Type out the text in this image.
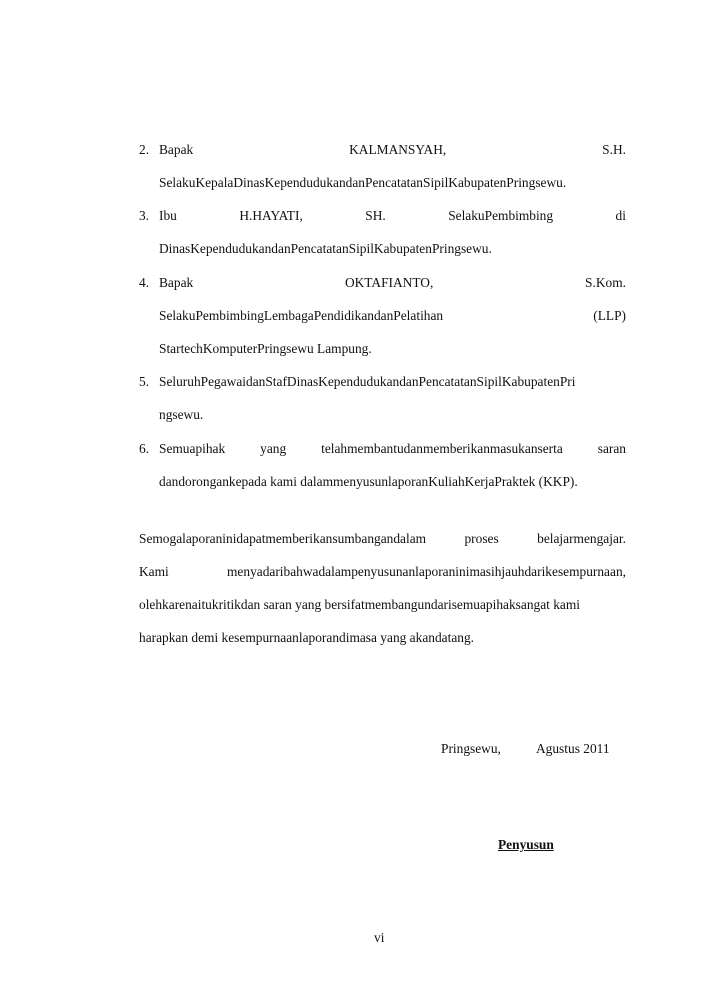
2. Bapak	KALMANSYAH,	S.H.
SelakuKepalaDinasKependudukandanPencatatanSipilKabupatenPringsewu.
3. Ibu	H.HAYATI,	SH.	SelakuPembimbing	di
DinasKependudukandanPencatatanSipilKabupatenPringsewu.
4. Bapak	OKTAFIANTO,	S.Kom.
SelakuPembimbingLembagaPendidikandanPelatihan	(LLP)
StartechKomputerPringsewu Lampung.
5. SeluruhPegawaidanStafDinasKependudukandanPencatatanSipilKabupatenPri
ngsewu.
6. Semuapihak	yang	telahmembantudanmemberikanmasukanserta	saran
dandorongankepada kami dalammenyusunlaporanKuliahKerjaPraktek (KKP).
Semogalaporaninidapatmemberikansumbangandalam	proses	belajarmengajar.
Kami	menyadaribahwadalampenyusunanlaporaninimasihjauhdarikesempurnaan,
olehkarenaitukritikdan saran yang bersifatmembangundarisemuapihaksangat kami
harapkan demi kesempurnaanlaporandimasa yang akandatang.
Pringsewu,	Agustus 2011
Penyusun
vi
